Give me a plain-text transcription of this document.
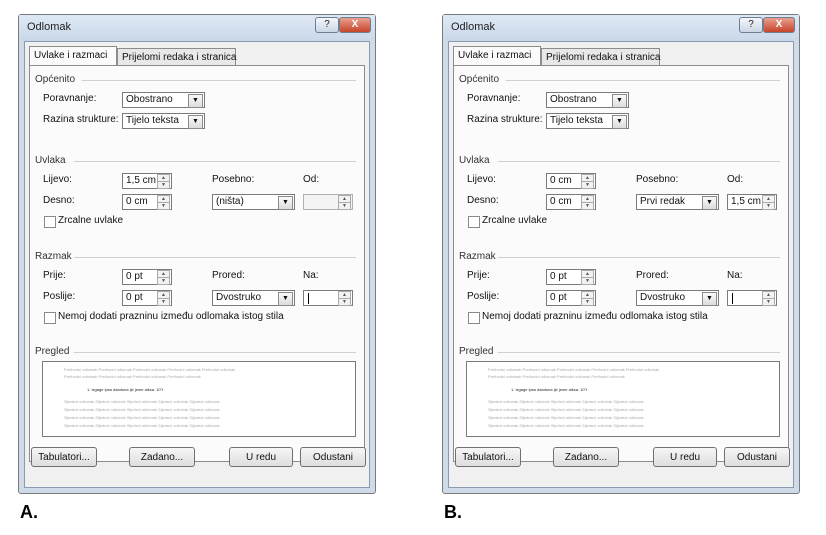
Odlomak	?	X
Uvlake i razmaci	Prijelomi redaka i stranica
Općenito
Poravnanje:	Obostrano	▼
Razina strukture: Tijelo teksta	▼
Uvlaka
Lijevo:	1,5 cm	▲
▼
Desno:	0 cm	▲
▼
Posebno:
(ništa)	▼
Od:
▲
▼
Zrcalne uvlake
Razmak
Prije:	0 pt	▲
▼
Poslije:	0 pt	▲
▼
Prored:
Dvostruko	▼
Na:
▲
▼
Nemoj dodati prazninu između odlomaka istog stila
Pregled
Prethodni odlomak Prethodni odlomak Prethodni odlomak Prethodni odlomak Prethodni odlomak
Prethodni odlomak Prethodni odlomak Prethodni odlomak Prethodni odlomak
1. Izgage ipsa datotona ije jeme alksa. 10"I
Sljedeći odlomak Sljedeći odlomak Sljedeći odlomak Sljedeći odlomak Sljedeći odlomak
Sljedeći odlomak Sljedeći odlomak Sljedeći odlomak Sljedeći odlomak Sljedeći odlomak
Sljedeći odlomak Sljedeći odlomak Sljedeći odlomak Sljedeći odlomak Sljedeći odlomak
Sljedeći odlomak Sljedeći odlomak Sljedeći odlomak Sljedeći odlomak Sljedeći odlomak
Tabulatori...	Zadano...	U redu	Odustani
A.
Odlomak	?	X
Uvlake i razmaci	Prijelomi redaka i stranica
Općenito
Poravnanje:	Obostrano	▼
Razina strukture: Tijelo teksta	▼
Uvlaka
Lijevo:	0 cm	▲
▼
Desno:	0 cm	▲
▼
Posebno:
Prvi redak	▼
Od:
1,5 cm	▲
▼
Zrcalne uvlake
Razmak
Prije:	0 pt	▲
▼
Poslije:	0 pt	▲
▼
Prored:
Dvostruko	▼
Na:
▲
▼
Nemoj dodati prazninu između odlomaka istog stila
Pregled
Prethodni odlomak Prethodni odlomak Prethodni odlomak Prethodni odlomak Prethodni odlomak
Prethodni odlomak Prethodni odlomak Prethodni odlomak Prethodni odlomak
1. Izgage ipsa datotona ije jeme alksa. 10"I
Sljedeći odlomak Sljedeći odlomak Sljedeći odlomak Sljedeći odlomak Sljedeći odlomak
Sljedeći odlomak Sljedeći odlomak Sljedeći odlomak Sljedeći odlomak Sljedeći odlomak
Sljedeći odlomak Sljedeći odlomak Sljedeći odlomak Sljedeći odlomak Sljedeći odlomak
Sljedeći odlomak Sljedeći odlomak Sljedeći odlomak Sljedeći odlomak Sljedeći odlomak
Tabulatori...	Zadano...	U redu	Odustani
B.
